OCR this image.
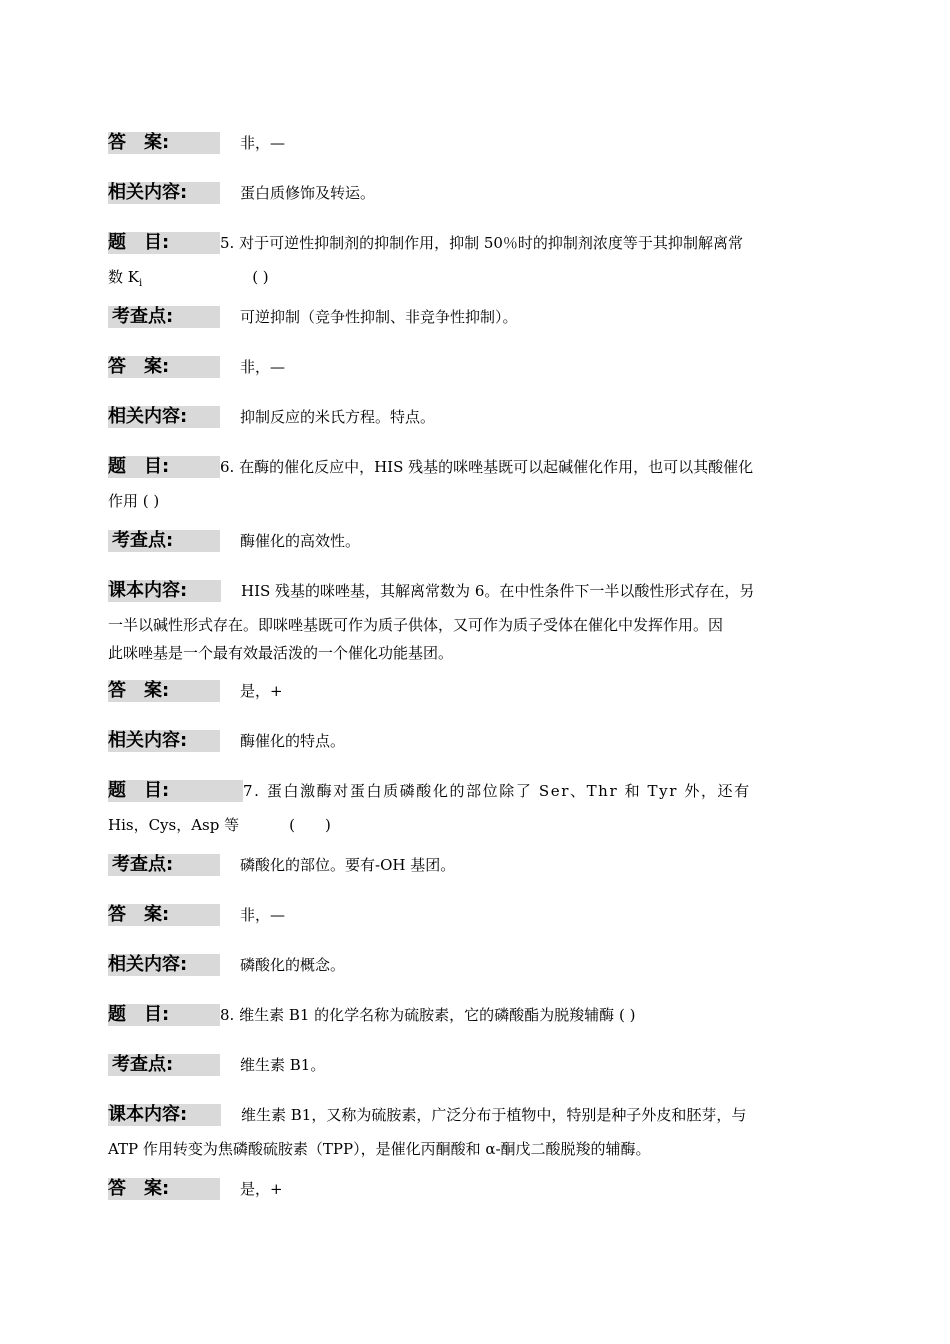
答　案:	非，—
相关内容:	蛋白质修饰及转运。
题　目:	5. 对于可逆性抑制剂的抑制作用，抑制 50％时的抑制剂浓度等于其抑制解离常
数 $K_i$	( )
考查点:	可逆抑制（竞争性抑制、非竞争性抑制）。
答　案:	非，—
相关内容:	抑制反应的米氏方程。特点。
题　目:	6. 在酶的催化反应中，HIS 残基的咪唑基既可以起碱催化作用，也可以其酸催化
作用 ( )
考查点:	酶催化的高效性。
课本内容:	HIS 残基的咪唑基，其解离常数为 6。在中性条件下一半以酸性形式存在，另
一半以碱性形式存在。即咪唑基既可作为质子供体，又可作为质子受体在催化中发挥作用。因
此咪唑基是一个最有效最活泼的一个催化功能基团。
答　案:	是，+
相关内容:	酶催化的特点。
题　目:	7. 蛋白激酶对蛋白质磷酸化的部位除了 Ser、Thr 和 Tyr 外，还有
His，Cys，Asp 等	(　　)
考查点:	磷酸化的部位。要有-OH 基团。
答　案:	非，—
相关内容:	磷酸化的概念。
题　目:	8. 维生素 B1 的化学名称为硫胺素，它的磷酸酯为脱羧辅酶 ( )
考查点:	维生素 B1。
课本内容:	维生素 B1，又称为硫胺素，广泛分布于植物中，特别是种子外皮和胚芽，与
ATP 作用转变为焦磷酸硫胺素（TPP），是催化丙酮酸和 α-酮戊二酸脱羧的辅酶。
答　案:	是，+
